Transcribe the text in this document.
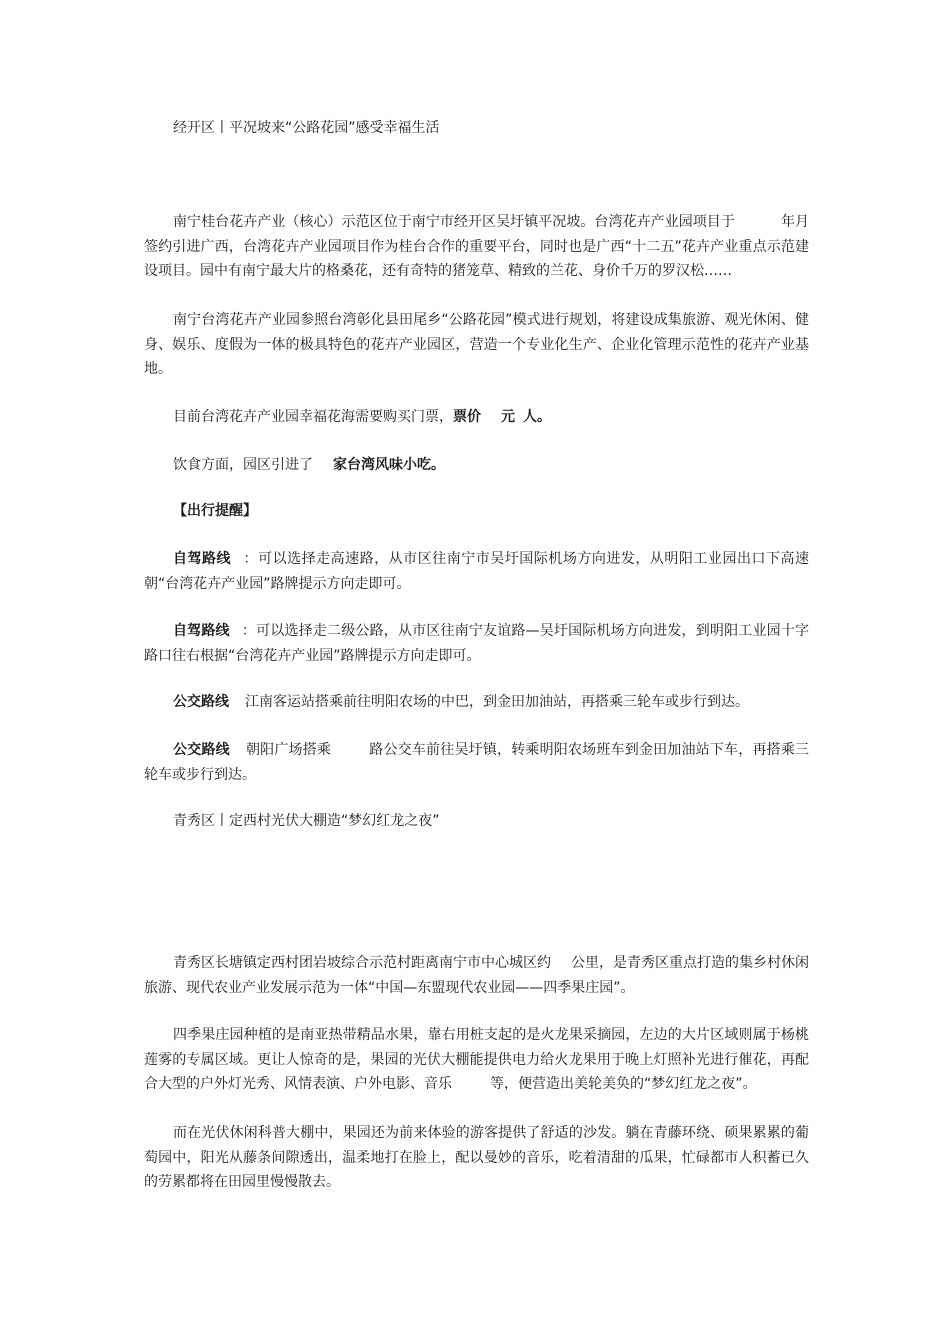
经开区丨平况坡来“公路花园”感受幸福生活

南宁桂台花卉产业（核心）示范区位于南宁市经开区吴圩镇平况坡。台湾花卉产业园项目于	年月签约引进广西，台湾花卉产业园项目作为桂台合作的重要平台，同时也是广西“十二五”花卉产业重点示范建设项目。园中有南宁最大片的格桑花，还有奇特的猪笼草、精致的兰花、身价千万的罗汉松……

南宁台湾花卉产业园参照台湾彰化县田尾乡“公路花园”模式进行规划，将建设成集旅游、观光休闲、健身、娱乐、度假为一体的极具特色的花卉产业园区，营造一个专业化生产、企业化管理示范性的花卉产业基地。

目前台湾花卉产业园幸福花海需要购买门票，票价 元 人。

饮食方面，园区引进了 家台湾风味小吃。

【出行提醒】

自驾路线 ：可以选择走高速路，从市区往南宁市吴圩国际机场方向进发，从明阳工业园出口下高速朝“台湾花卉产业园”路牌提示方向走即可。

自驾路线 ：可以选择走二级公路，从市区往南宁友谊路—吴圩国际机场方向进发，到明阳工业园十字路口往右根据“台湾花卉产业园”路牌提示方向走即可。

公交路线 江南客运站搭乘前往明阳农场的中巴，到金田加油站，再搭乘三轮车或步行到达。

公交路线 朝阳广场搭乘	路公交车前往吴圩镇，转乘明阳农场班车到金田加油站下车，再搭乘三轮车或步行到达。

青秀区丨定西村光伏大棚造“梦幻红龙之夜”

青秀区长塘镇定西村团岩坡综合示范村距离南宁市中心城区约 公里，是青秀区重点打造的集乡村休闲旅游、现代农业产业发展示范为一体“中国—东盟现代农业园——四季果庄园”。

四季果庄园种植的是南亚热带精品水果，靠右用桩支起的是火龙果采摘园，左边的大片区域则属于杨桃莲雾的专属区域。更让人惊奇的是，果园的光伏大棚能提供电力给火龙果用于晚上灯照补光进行催花，再配合大型的户外灯光秀、风情表演、户外电影、音乐	等，便营造出美轮美奂的“梦幻红龙之夜”。

而在光伏休闲科普大棚中，果园还为前来体验的游客提供了舒适的沙发。躺在青藤环绕、硕果累累的葡萄园中，阳光从藤条间隙透出，温柔地打在脸上，配以曼妙的音乐，吃着清甜的瓜果，忙碌都市人积蓄已久的劳累都将在田园里慢慢散去。
